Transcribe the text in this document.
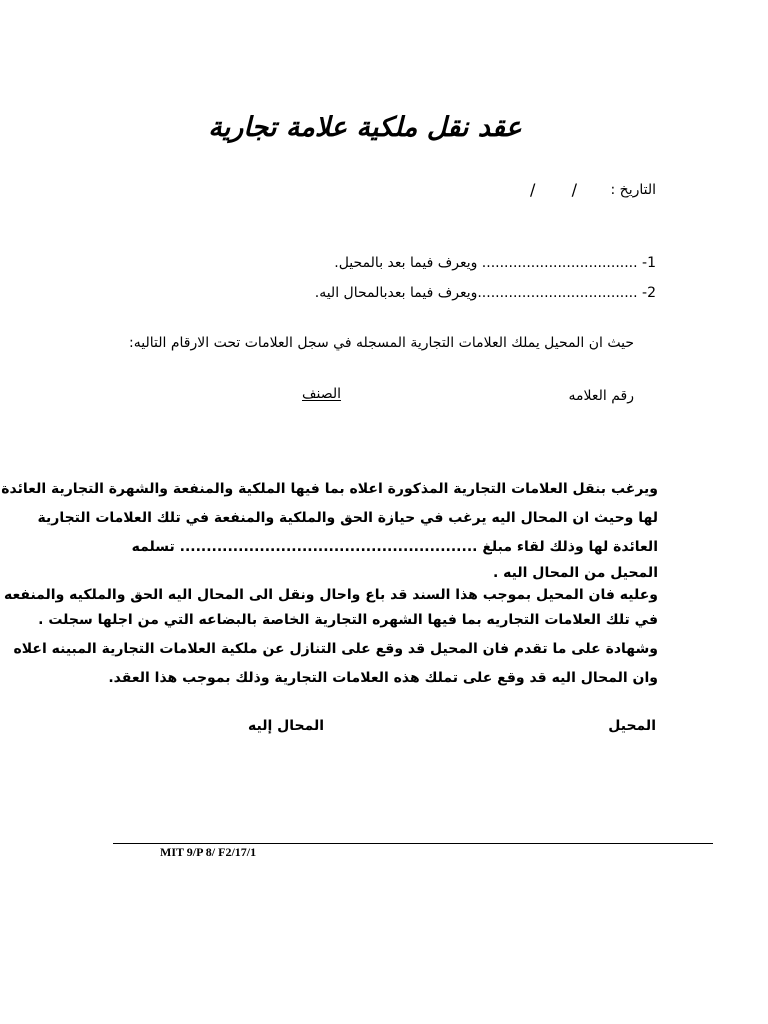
عقد نقل ملكية علامة تجارية
التاريخ :
/ /
1- ................................... ويعرف فيما بعد بالمحيل.
2- ....................................ويعرف فيما بعدبالمحال اليه.
حيث ان المحيل يملك العلامات التجارية المسجله في سجل العلامات تحت الارقام التاليه:
رقم العلامه
الصنف
ويرغب بنقل العلامات التجارية المذكورة اعلاه بما فيها الملكية والمنفعة والشهرة التجارية العائدة
لها وحيث ان المحال اليه يرغب في حيازة الحق والملكية والمنفعة في تلك العلامات التجارية
العائدة لها وذلك لقاء مبلغ ........................................................ تسلمه
المحيل من المحال اليه .
وعليه فان المحيل بموجب هذا السند قد باع واحال ونقل الى المحال اليه الحق والملكيه والمنفعه
في تلك العلامات التجاريه بما فيها الشهره التجارية الخاصة بالبضاعه التي من اجلها سجلت .
وشهادة على ما تقدم فان المحيل قد وقع على التنازل عن ملكية العلامات التجارية المبينه اعلاه
وان المحال اليه قد وقع على تملك هذه العلامات التجارية وذلك بموجب هذا العقد.
المحيل
المحال إليه
MIT 9/P 8/ F2/17/1
